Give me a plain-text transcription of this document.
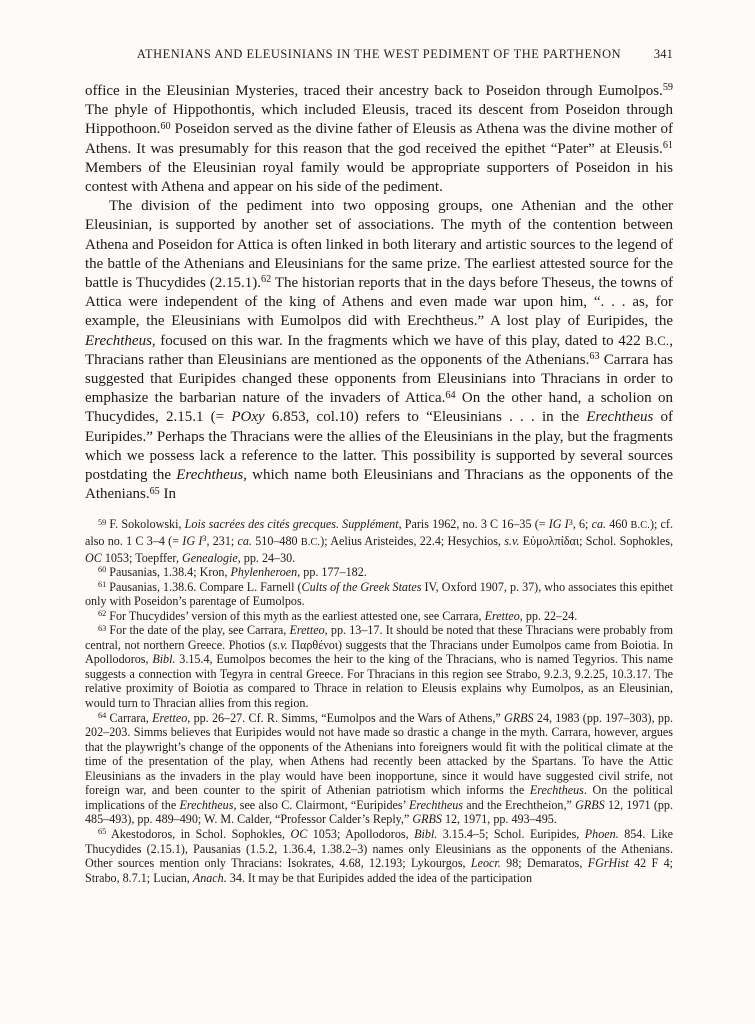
ATHENIANS AND ELEUSINIANS IN THE WEST PEDIMENT OF THE PARTHENON	341

office in the Eleusinian Mysteries, traced their ancestry back to Poseidon through Eumolpos.$^{59}$ The phyle of Hippothontis, which included Eleusis, traced its descent from Poseidon through Hippothoon.$^{60}$ Poseidon served as the divine father of Eleusis as Athena was the divine mother of Athens. It was presumably for this reason that the god received the epithet “Pater” at Eleusis.$^{61}$ Members of the Eleusinian royal family would be appropriate supporters of Poseidon in his contest with Athena and appear on his side of the pediment.

The division of the pediment into two opposing groups, one Athenian and the other Eleusinian, is supported by another set of associations. The myth of the contention between Athena and Poseidon for Attica is often linked in both literary and artistic sources to the legend of the battle of the Athenians and Eleusinians for the same prize. The earliest attested source for the battle is Thucydides (2.15.1).$^{62}$ The historian reports that in the days before Theseus, the towns of Attica were independent of the king of Athens and even made war upon him, “. . . as, for example, the Eleusinians with Eumolpos did with Erechtheus.” A lost play of Euripides, the Erechtheus, focused on this war. In the fragments which we have of this play, dated to 422 B.C., Thracians rather than Eleusinians are mentioned as the opponents of the Athenians.$^{63}$ Carrara has suggested that Euripides changed these opponents from Eleusinians into Thracians in order to emphasize the barbarian nature of the invaders of Attica.$^{64}$ On the other hand, a scholion on Thucydides, 2.15.1 (= POxy 6.853, col.10) refers to “Eleusinians . . . in the Erechtheus of Euripides.” Perhaps the Thracians were the allies of the Eleusinians in the play, but the fragments which we possess lack a reference to the latter. This possibility is supported by several sources postdating the Erechtheus, which name both Eleusinians and Thracians as the opponents of the Athenians.$^{65}$ In

$^{59}$ F. Sokolowski, Lois sacrées des cités grecques. Supplément, Paris 1962, no. 3 C 16–35 (= IG I$^3$, 6; ca. 460 B.C.); cf. also no. 1 C 3–4 (= IG I$^3$, 231; ca. 510–480 B.C.); Aelius Aristeides, 22.4; Hesychios, s.v. Εὐμολπίδαι; Schol. Sophokles, OC 1053; Toepffer, Genealogie, pp. 24–30.

$^{60}$ Pausanias, 1.38.4; Kron, Phylenheroen, pp. 177–182.

$^{61}$ Pausanias, 1.38.6. Compare L. Farnell (Cults of the Greek States IV, Oxford 1907, p. 37), who associates this epithet only with Poseidon’s parentage of Eumolpos.

$^{62}$ For Thucydides’ version of this myth as the earliest attested one, see Carrara, Eretteo, pp. 22–24.

$^{63}$ For the date of the play, see Carrara, Eretteo, pp. 13–17. It should be noted that these Thracians were probably from central, not northern Greece. Photios (s.v. Παρθένοι) suggests that the Thracians under Eumolpos came from Boiotia. In Apollodoros, Bibl. 3.15.4, Eumolpos becomes the heir to the king of the Thracians, who is named Tegyrios. This name suggests a connection with Tegyra in central Greece. For Thracians in this region see Strabo, 9.2.3, 9.2.25, 10.3.17. The relative proximity of Boiotia as compared to Thrace in relation to Eleusis explains why Eumolpos, as an Eleusinian, would turn to Thracian allies from this region.

$^{64}$ Carrara, Eretteo, pp. 26–27. Cf. R. Simms, “Eumolpos and the Wars of Athens,” GRBS 24, 1983 (pp. 197–303), pp. 202–203. Simms believes that Euripides would not have made so drastic a change in the myth. Carrara, however, argues that the playwright’s change of the opponents of the Athenians into foreigners would fit with the political climate at the time of the presentation of the play, when Athens had recently been attacked by the Spartans. To have the Attic Eleusinians as the invaders in the play would have been inopportune, since it would have suggested civil strife, not foreign war, and been counter to the spirit of Athenian patriotism which informs the Erechtheus. On the political implications of the Erechtheus, see also C. Clairmont, “Euripides’ Erechtheus and the Erechtheion,” GRBS 12, 1971 (pp. 485–493), pp. 489–490; W. M. Calder, “Professor Calder’s Reply,” GRBS 12, 1971, pp. 493–495.

$^{65}$ Akestodoros, in Schol. Sophokles, OC 1053; Apollodoros, Bibl. 3.15.4–5; Schol. Euripides, Phoen. 854. Like Thucydides (2.15.1), Pausanias (1.5.2, 1.36.4, 1.38.2–3) names only Eleusinians as the opponents of the Athenians. Other sources mention only Thracians: Isokrates, 4.68, 12.193; Lykourgos, Leocr. 98; Demaratos, FGrHist 42 F 4; Strabo, 8.7.1; Lucian, Anach. 34. It may be that Euripides added the idea of the participation
